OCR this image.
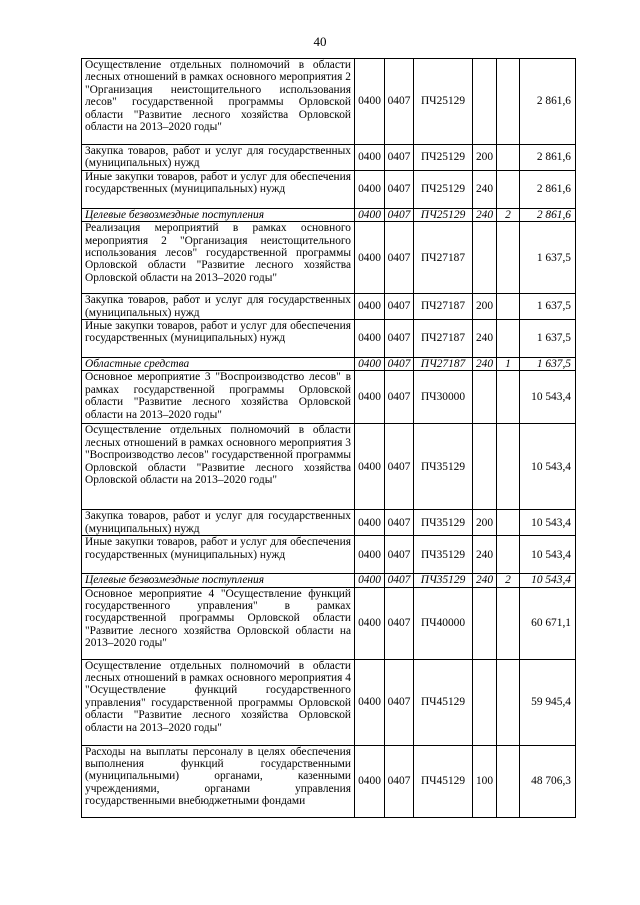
40
Осуществление отдельных полномочий в области лесных отношений в рамках основного мероприятия 2 "Организация неистощительного использования лесов" государственной программы Орловской области "Развитие лесного хозяйства Орловской области на 2013–2020 годы"	0400	0407	ПЧ25129			2 861,6
Закупка товаров, работ и услуг для государственных (муниципальных) нужд	0400	0407	ПЧ25129	200		2 861,6
Иные закупки товаров, работ и услуг для обеспечения государственных (муниципальных) нужд	0400	0407	ПЧ25129	240		2 861,6
Целевые безвозмездные поступления	0400	0407	ПЧ25129	240	2	2 861,6
Реализация мероприятий в рамках основного мероприятия 2 "Организация неистощительного использования лесов" государственной программы Орловской области "Развитие лесного хозяйства Орловской области на 2013–2020 годы"	0400	0407	ПЧ27187			1 637,5
Закупка товаров, работ и услуг для государственных (муниципальных) нужд	0400	0407	ПЧ27187	200		1 637,5
Иные закупки товаров, работ и услуг для обеспечения государственных (муниципальных) нужд	0400	0407	ПЧ27187	240		1 637,5
Областные средства	0400	0407	ПЧ27187	240	1	1 637,5
Основное мероприятие 3 "Воспроизводство лесов" в рамках государственной программы Орловской области "Развитие лесного хозяйства Орловской области на 2013–2020 годы"	0400	0407	ПЧ30000			10 543,4
Осуществление отдельных полномочий в области лесных отношений в рамках основного мероприятия 3 "Воспроизводство лесов" государственной программы Орловской области "Развитие лесного хозяйства Орловской области на 2013–2020 годы"	0400	0407	ПЧ35129			10 543,4
Закупка товаров, работ и услуг для государственных (муниципальных) нужд	0400	0407	ПЧ35129	200		10 543,4
Иные закупки товаров, работ и услуг для обеспечения государственных (муниципальных) нужд	0400	0407	ПЧ35129	240		10 543,4
Целевые безвозмездные поступления	0400	0407	ПЧ35129	240	2	10 543,4
Основное мероприятие 4 "Осуществление функций государственного управления" в рамках государственной программы Орловской области "Развитие лесного хозяйства Орловской области на 2013–2020 годы"	0400	0407	ПЧ40000			60 671,1
Осуществление отдельных полномочий в области лесных отношений в рамках основного мероприятия 4 "Осуществление функций государственного управления" государственной программы Орловской области "Развитие лесного хозяйства Орловской области на 2013–2020 годы"	0400	0407	ПЧ45129			59 945,4
Расходы на выплаты персоналу в целях обеспечения выполнения функций государственными (муниципальными) органами, казенными учреждениями, органами управления государственными внебюджетными фондами	0400	0407	ПЧ45129	100		48 706,3
